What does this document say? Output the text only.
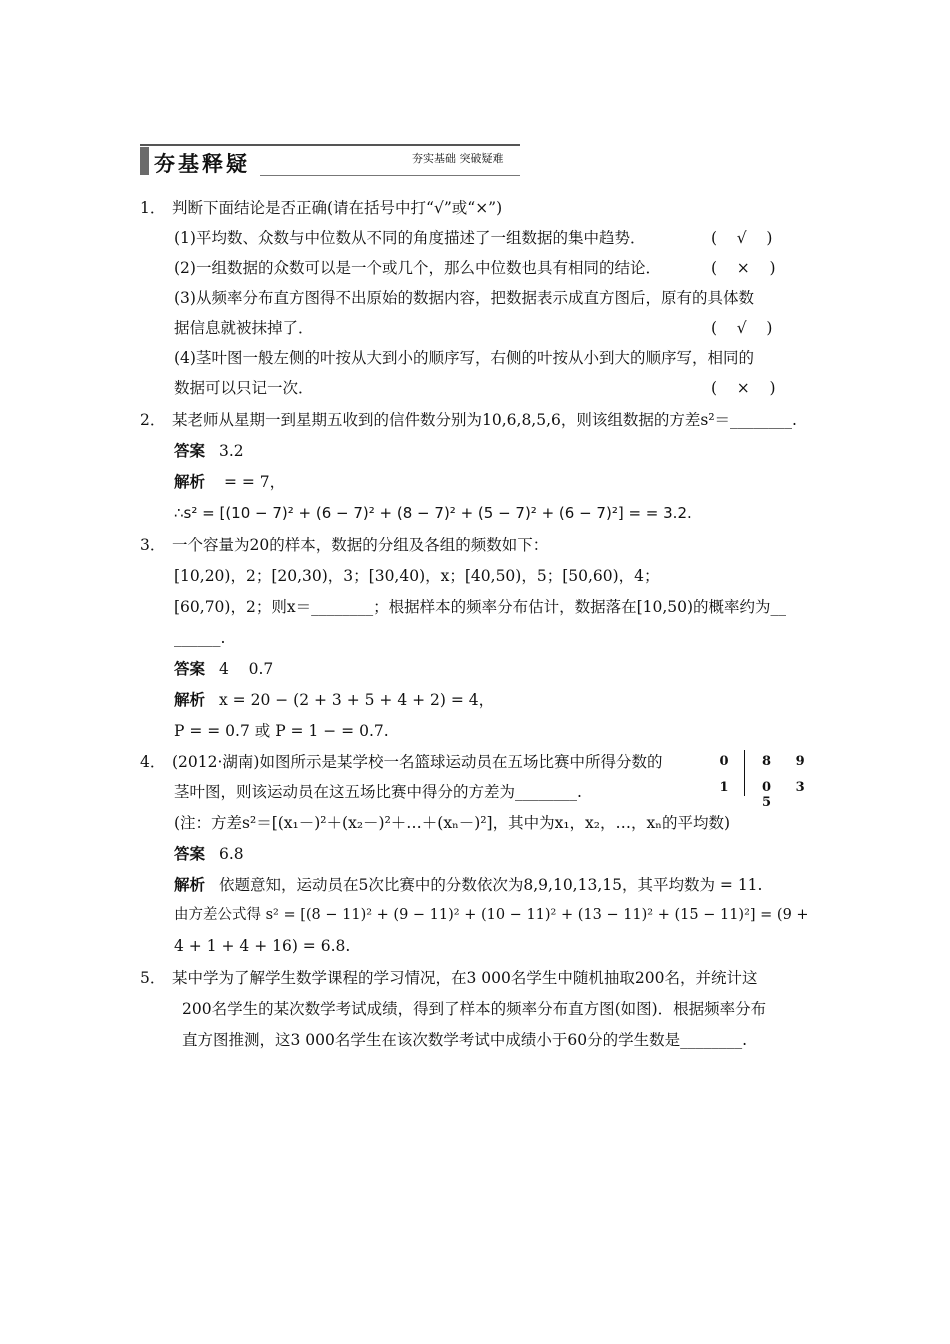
夯基释疑	夯实基础 突破疑难
1． 判断下面结论是否正确(请在括号中打“√”或“×”)
(1)平均数、众数与中位数从不同的角度描述了一组数据的集中趋势．	(    √    )
(2)一组数据的众数可以是一个或几个，那么中位数也具有相同的结论．	(    ×    )
(3)从频率分布直方图得不出原始的数据内容，把数据表示成直方图后，原有的具体数
据信息就被抹掉了．	(    √    )
(4)茎叶图一般左侧的叶按从大到小的顺序写，右侧的叶按从小到大的顺序写，相同的
数据可以只记一次．	(    ×    )
2． 某老师从星期一到星期五收到的信件数分别为10,6,8,5,6，则该组数据的方差s²＝________.
答案 3.2
解析 = = 7，
∴s² = [(10 − 7)² + (6 − 7)² + (8 − 7)² + (5 − 7)² + (6 − 7)²] = = 3.2.
3． 一个容量为20的样本，数据的分组及各组的频数如下：
[10,20)，2；[20,30)，3；[30,40)，x；[40,50)，5；[50,60)，4；
[60,70)，2；则x＝________；根据样本的频率分布估计，数据落在[10,50)的概率约为__
______.
答案 4    0.7
解析 x = 20 − (2 + 3 + 5 + 4 + 2) = 4，
P = = 0.7 或 P = 1 − = 0.7.
4． (2012·湖南)如图所示是某学校一名篮球运动员在五场比赛中所得分数的
茎叶图，则该运动员在这五场比赛中得分的方差为________.
(注：方差s²＝[(x₁－)²＋(x₂－)²＋…＋(xₙ－)²]，其中为x₁，x₂，…，xₙ的平均数)
答案 6.8
解析 依题意知，运动员在5次比赛中的分数依次为8,9,10,13,15，其平均数为 = 11.
由方差公式得 s² = [(8 − 11)² + (9 − 11)² + (10 − 11)² + (13 − 11)² + (15 − 11)²] = (9 +
4 + 1 + 4 + 16) = 6.8.
0	8 9
1	0 3 5
5． 某中学为了解学生数学课程的学习情况，在3 000名学生中随机抽取200名，并统计这
200名学生的某次数学考试成绩，得到了样本的频率分布直方图(如图)．根据频率分布
直方图推测，这3 000名学生在该次数学考试中成绩小于60分的学生数是________.
